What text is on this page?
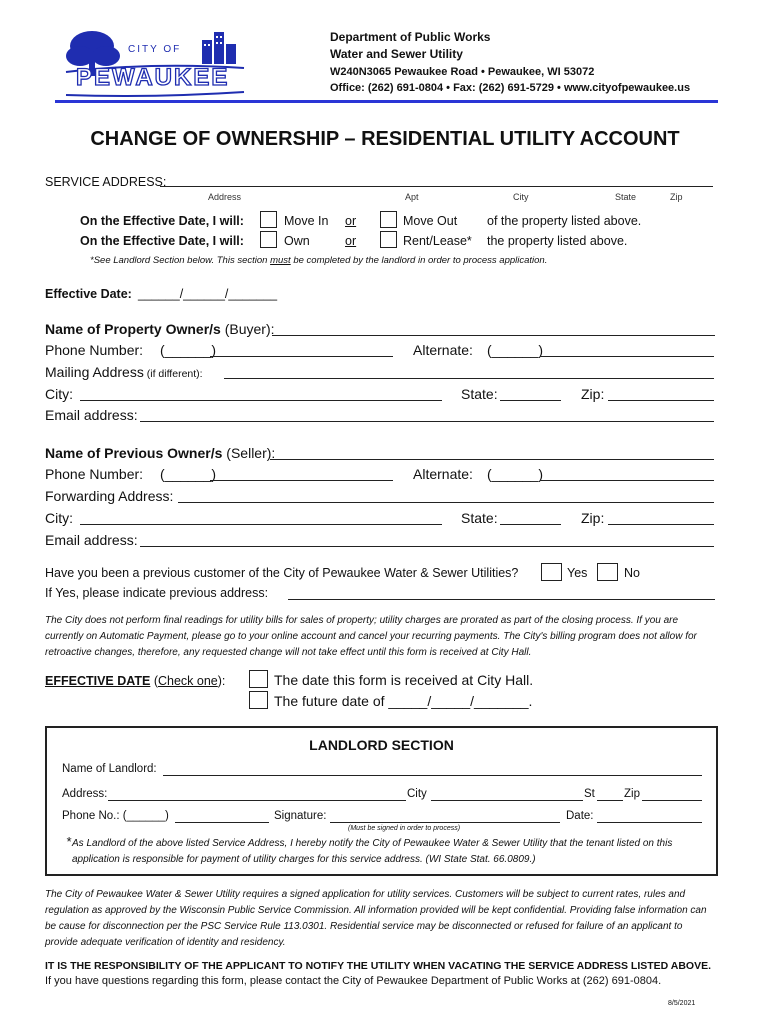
CITY OF
PEWAUKEE
Department of Public Works
Water and Sewer Utility
W240N3065 Pewaukee Road • Pewaukee, WI 53072
Office: (262) 691-0804 • Fax: (262) 691-5729 • www.cityofpewaukee.us
CHANGE OF OWNERSHIP – RESIDENTIAL UTILITY ACCOUNT
SERVICE ADDRESS:
Address	Apt	City	State	Zip
On the Effective Date, I will:	Move In or	Move Out of the property listed above.
On the Effective Date, I will:	Own	or	Rent/Lease* the property listed above.
*See Landlord Section below. This section must be completed by the landlord in order to process application.
Effective Date: ______/______/_______
Name of Property Owner/s (Buyer):
Phone Number: (______)	Alternate: (______)
Mailing Address (if different):
City:	State:	Zip:
Email address:
Name of Previous Owner/s (Seller):
Phone Number: (______)	Alternate: (______)
Forwarding Address:
City:	State:	Zip:
Email address:
Have you been a previous customer of the City of Pewaukee Water & Sewer Utilities?	Yes	No
If Yes, please indicate previous address:
The City does not perform final readings for utility bills for sales of property; utility charges are prorated as part of the closing process. If you are currently on Automatic Payment, please go to your online account and cancel your recurring payments. The City's billing program does not allow for retroactive changes, therefore, any requested change will not take effect until this form is received at City Hall.
EFFECTIVE DATE (Check one):	The date this form is received at City Hall.
The future date of _____/_____/_______.
LANDLORD SECTION
Name of Landlord:
Address:	City	St	Zip
Phone No.: (______)	Signature:	Date:
(Must be signed in order to process)
* As Landlord of the above listed Service Address, I hereby notify the City of Pewaukee Water & Sewer Utility that the tenant listed on this application is responsible for payment of utility charges for this service address. (WI State Stat. 66.0809.)
The City of Pewaukee Water & Sewer Utility requires a signed application for utility services. Customers will be subject to current rates, rules and regulation as approved by the Wisconsin Public Service Commission. All information provided will be kept confidential. Providing false information can be cause for disconnection per the PSC Service Rule 113.0301. Residential service may be disconnected or refused for failure of an applicant to provide adequate verification of identity and residency.
IT IS THE RESPONSIBILITY OF THE APPLICANT TO NOTIFY THE UTILITY WHEN VACATING THE SERVICE ADDRESS LISTED ABOVE.
If you have questions regarding this form, please contact the City of Pewaukee Department of Public Works at (262) 691-0804.
8/5/2021
